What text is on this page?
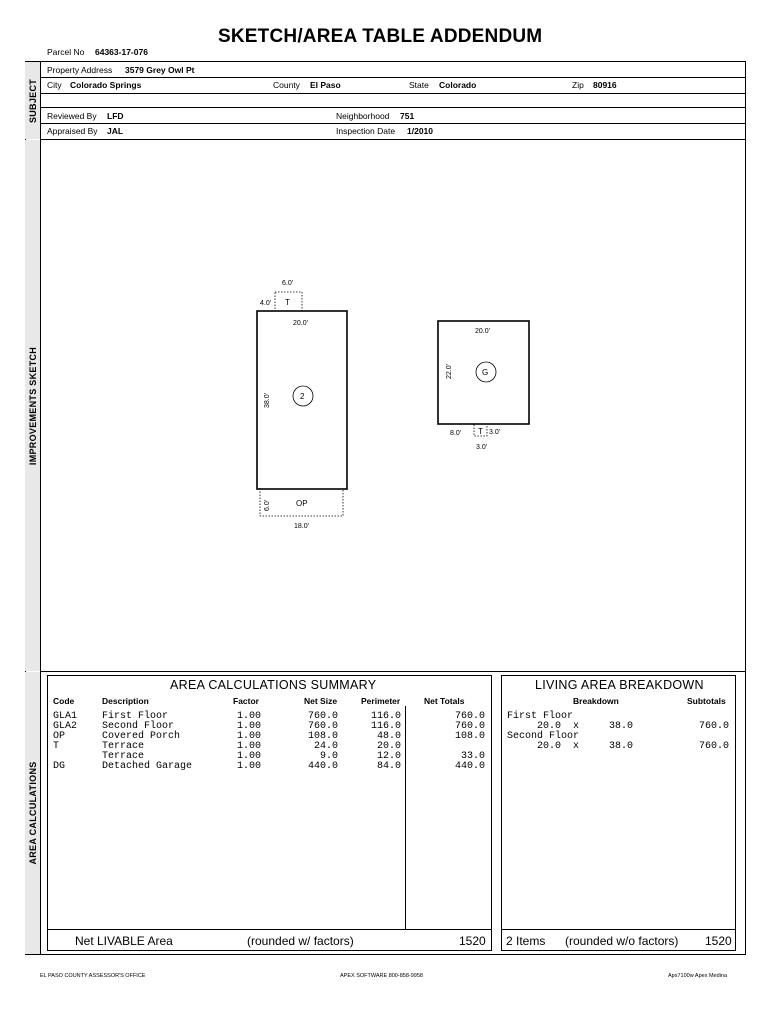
SKETCH/AREA TABLE ADDENDUM
Parcel No 64363-17-076
SUBJECT
IMPROVEMENTS SKETCH
AREA CALCULATIONS
Property Address 3579 Grey Owl Pt
City Colorado Springs	County El Paso	State Colorado	Zip 80916
Reviewed By LFD	Neighborhood 751
Appraised By JAL	Inspection Date 1/2010
6.0'
4.0' T
20.0'
38.0'	2
OP
6.0'
18.0'
20.0'
22.0'	G
T
8.0'	3.0'
3.0'
AREA CALCULATIONS SUMMARY
Code	Description	Factor	Net Size	Perimeter	Net Totals
GLA1 First Floor	1.00	760.0	116.0	760.0
GLA2 Second Floor	1.00	760.0	116.0	760.0
OP	Covered Porch	1.00	108.0	48.0	108.0
T	Terrace	1.00	24.0	20.0
Terrace	1.00	9.0	12.0	33.0
DG	Detached Garage	1.00	440.0	84.0	440.0
Net LIVABLE Area	(rounded w/ factors)	1520
LIVING AREA BREAKDOWN
Breakdown	Subtotals
First Floor
20.0  x     38.0	760.0
Second Floor
20.0  x     38.0	760.0
2 Items (rounded w/o factors) 1520
EL PASO COUNTY ASSESSOR'S OFFICE	APEX SOFTWARE 800-858-9958	Apx7100w Apex Medina
